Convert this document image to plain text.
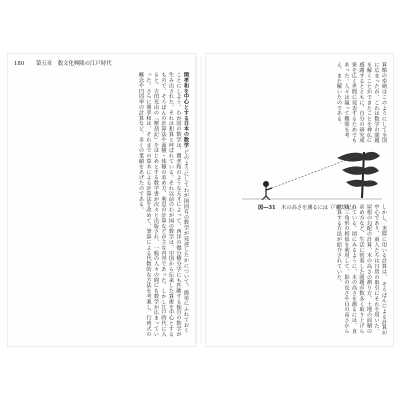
180 第五章　数文化興隆の江戸時代
関孝和を中心とする日本の数学 どのようにしてわが国固有の数学が発達したかについて、簡単にふれておくことにしよう。わが国の数学は、関孝和のような天才によって、西洋の微分積分学にも匹敵する独自の数学が生み出された。それは和算と呼ばれている。それ以前のわが国の数学は、中国から伝来した算術を中心とするもので、そろばんの計算法や面積・体積の求め方、利息の計算などが主な内容であった。しかし江戸時代に入ると、吉田光由の『塵劫記』をはじめとする数学書が次々と出版され、一般の人々の間にも数学が広まっていった。さらに関孝和は、それまでの算木による計算法を改めて、筆算による代数的な方法を考案し、行列式の概念や円周率の計算など、多くの業績をあげたのである。	算額の奉納はこのようにして全国に広まったが、これは数学の問題を解くことができたことを神仏に感謝するとともに、自分の研究成果を広く世間に発表するためでもあった。人々は競って難問を考え、また解いたのである。
図―31 木の高さを測るには（『塵劫記』）	しかし、実際に用いる計算は、 そろばんによる計算が中心であり、商人たちは日常の取引にそれを用いた。屋根の勾配の計算、木の高さの測り方、土地の面積の求め方など、生活に密着した問題が数多く取り上げられている。図にみるように、木の高さを測るには、直角三角形の相似を利用して、影の長さや目の高さから計算する方法が紹介されていた。
